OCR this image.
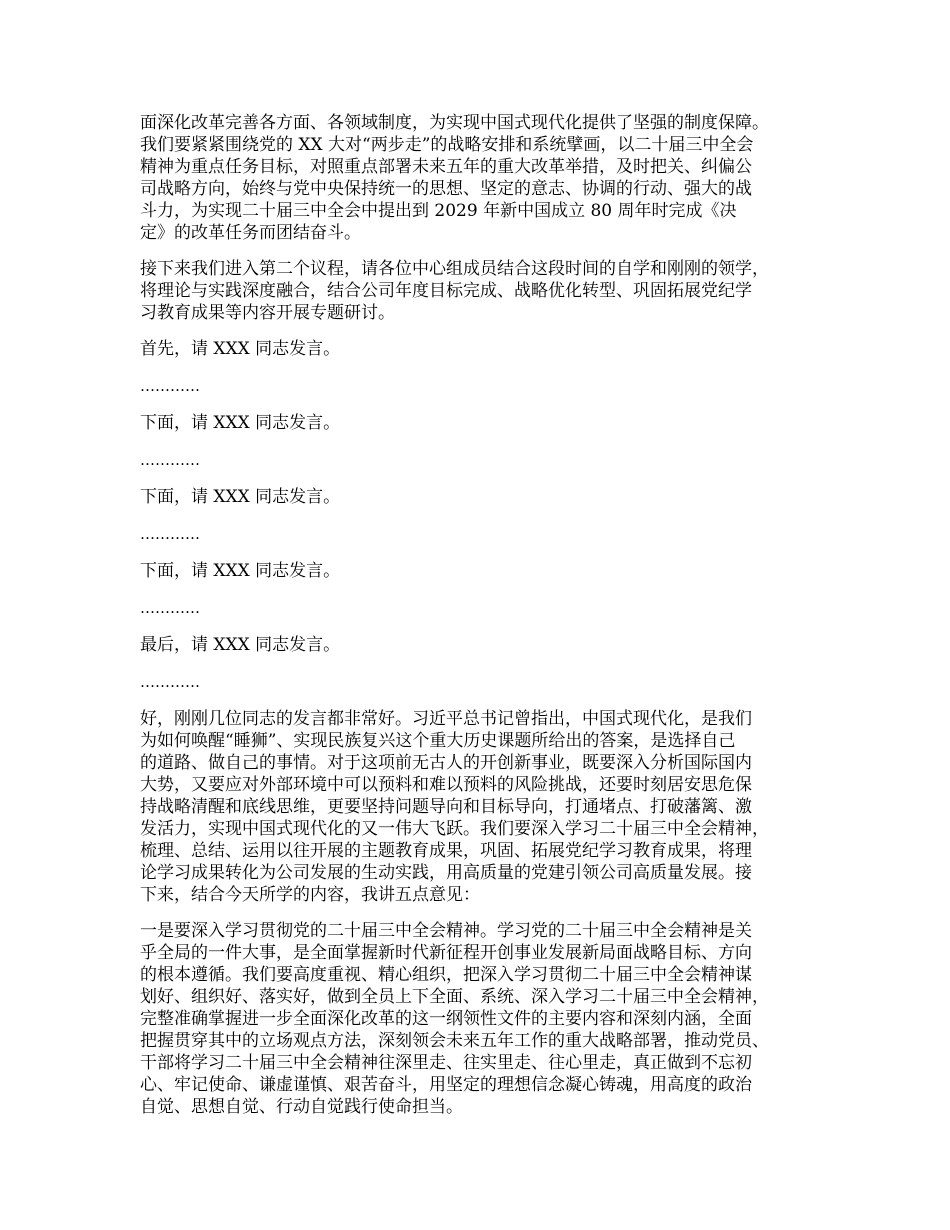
面深化改革完善各方面、各领域制度，为实现中国式现代化提供了坚强的制度保障。
我们要紧紧围绕党的 XX 大对“两步走”的战略安排和系统擘画，以二十届三中全会
精神为重点任务目标，对照重点部署未来五年的重大改革举措，及时把关、纠偏公
司战略方向，始终与党中央保持统一的思想、坚定的意志、协调的行动、强大的战
斗力，为实现二十届三中全会中提出到 2029 年新中国成立 80 周年时完成《决
定》的改革任务而团结奋斗。

接下来我们进入第二个议程，请各位中心组成员结合这段时间的自学和刚刚的领学，
将理论与实践深度融合，结合公司年度目标完成、战略优化转型、巩固拓展党纪学
习教育成果等内容开展专题研讨。

首先，请 XXX 同志发言。

…………

下面，请 XXX 同志发言。

…………

下面，请 XXX 同志发言。

…………

下面，请 XXX 同志发言。

…………

最后，请 XXX 同志发言。

…………

好，刚刚几位同志的发言都非常好。习近平总书记曾指出，中国式现代化，是我们
为如何唤醒“睡狮”、实现民族复兴这个重大历史课题所给出的答案，是选择自己
的道路、做自己的事情。对于这项前无古人的开创新事业，既要深入分析国际国内
大势，又要应对外部环境中可以预料和难以预料的风险挑战，还要时刻居安思危保
持战略清醒和底线思维，更要坚持问题导向和目标导向，打通堵点、打破藩篱、激
发活力，实现中国式现代化的又一伟大飞跃。我们要深入学习二十届三中全会精神，
梳理、总结、运用以往开展的主题教育成果，巩固、拓展党纪学习教育成果，将理
论学习成果转化为公司发展的生动实践，用高质量的党建引领公司高质量发展。接
下来，结合今天所学的内容，我讲五点意见：

一是要深入学习贯彻党的二十届三中全会精神。学习党的二十届三中全会精神是关
乎全局的一件大事，是全面掌握新时代新征程开创事业发展新局面战略目标、方向
的根本遵循。我们要高度重视、精心组织，把深入学习贯彻二十届三中全会精神谋
划好、组织好、落实好，做到全员上下全面、系统、深入学习二十届三中全会精神，
完整准确掌握进一步全面深化改革的这一纲领性文件的主要内容和深刻内涵，全面
把握贯穿其中的立场观点方法，深刻领会未来五年工作的重大战略部署，推动党员、
干部将学习二十届三中全会精神往深里走、往实里走、往心里走，真正做到不忘初
心、牢记使命、谦虚谨慎、艰苦奋斗，用坚定的理想信念凝心铸魂，用高度的政治
自觉、思想自觉、行动自觉践行使命担当。
